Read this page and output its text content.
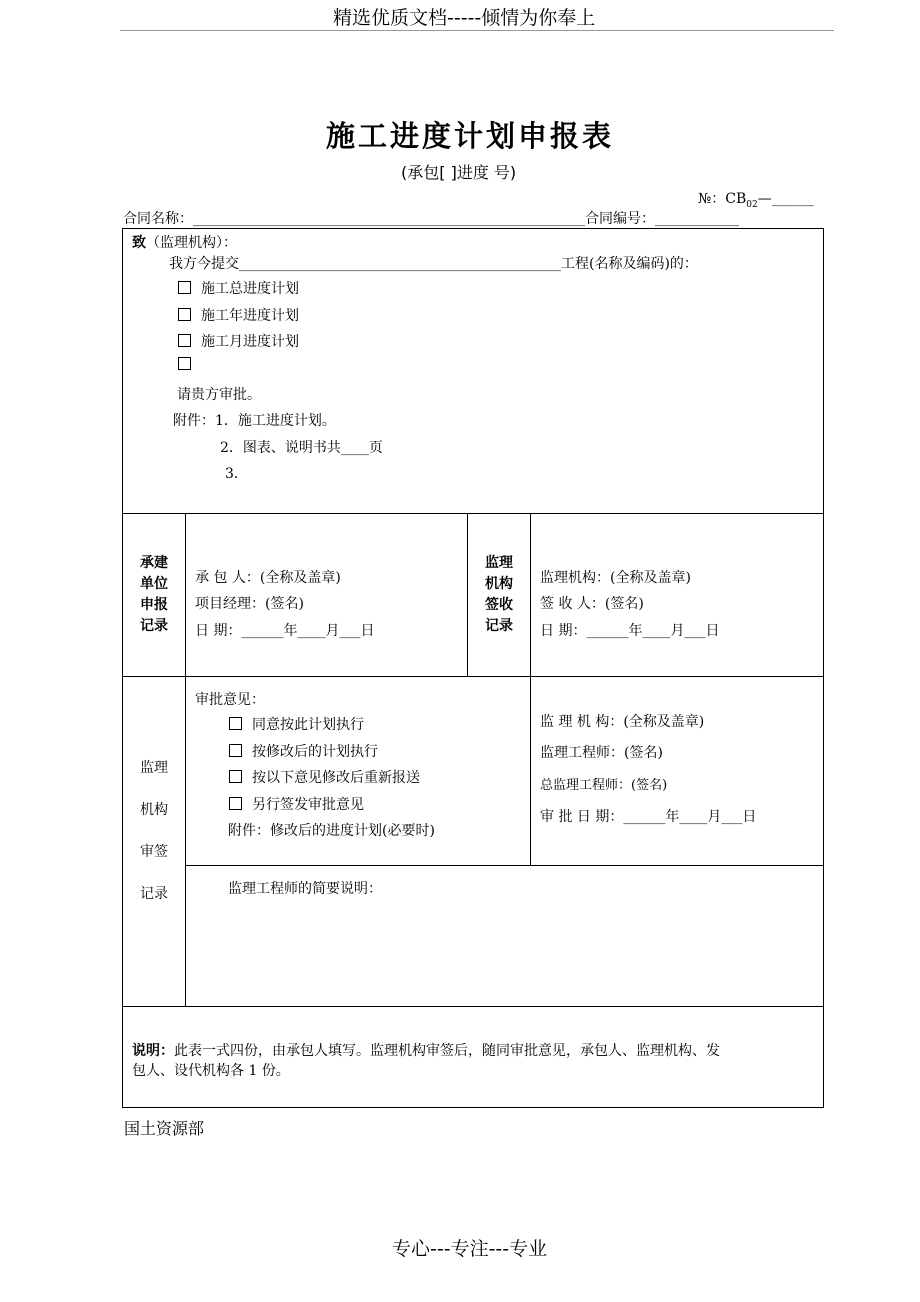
精选优质文档-----倾情为你奉上
施工进度计划申报表
(承包[ ]进度 号)
№：$CB_{02}—\_\_\_\_\_\_$
合同名称：________________________________________________________合同编号：____________
致（监理机构）：
我方今提交______________________________________________工程(名称及编码)的：
施工总进度计划
施工年进度计划
施工月进度计划
请贵方审批。
附件：1．施工进度计划。
2．图表、说明书共____页
3．
承建
单位
申报
记录
承 包 人：(全称及盖章)
项目经理：(签名)
日 期：______年____月___日
监理
机构
签收
记录
监理机构：(全称及盖章)
签 收 人：(签名)
日 期：______年____月___日
监理
机构
审签
记录
审批意见：
同意按此计划执行
按修改后的计划执行
按以下意见修改后重新报送
另行签发审批意见
附件：修改后的进度计划(必要时)
监 理 机 构：(全称及盖章)
监理工程师：(签名)
总监理工程师：(签名)
审 批 日 期：______年____月___日
监理工程师的简要说明：
说明：此表一式四份，由承包人填写。监理机构审签后，随同审批意见，承包人、监理机构、发
包人、设代机构各 1 份。
国土资源部
专心---专注---专业
